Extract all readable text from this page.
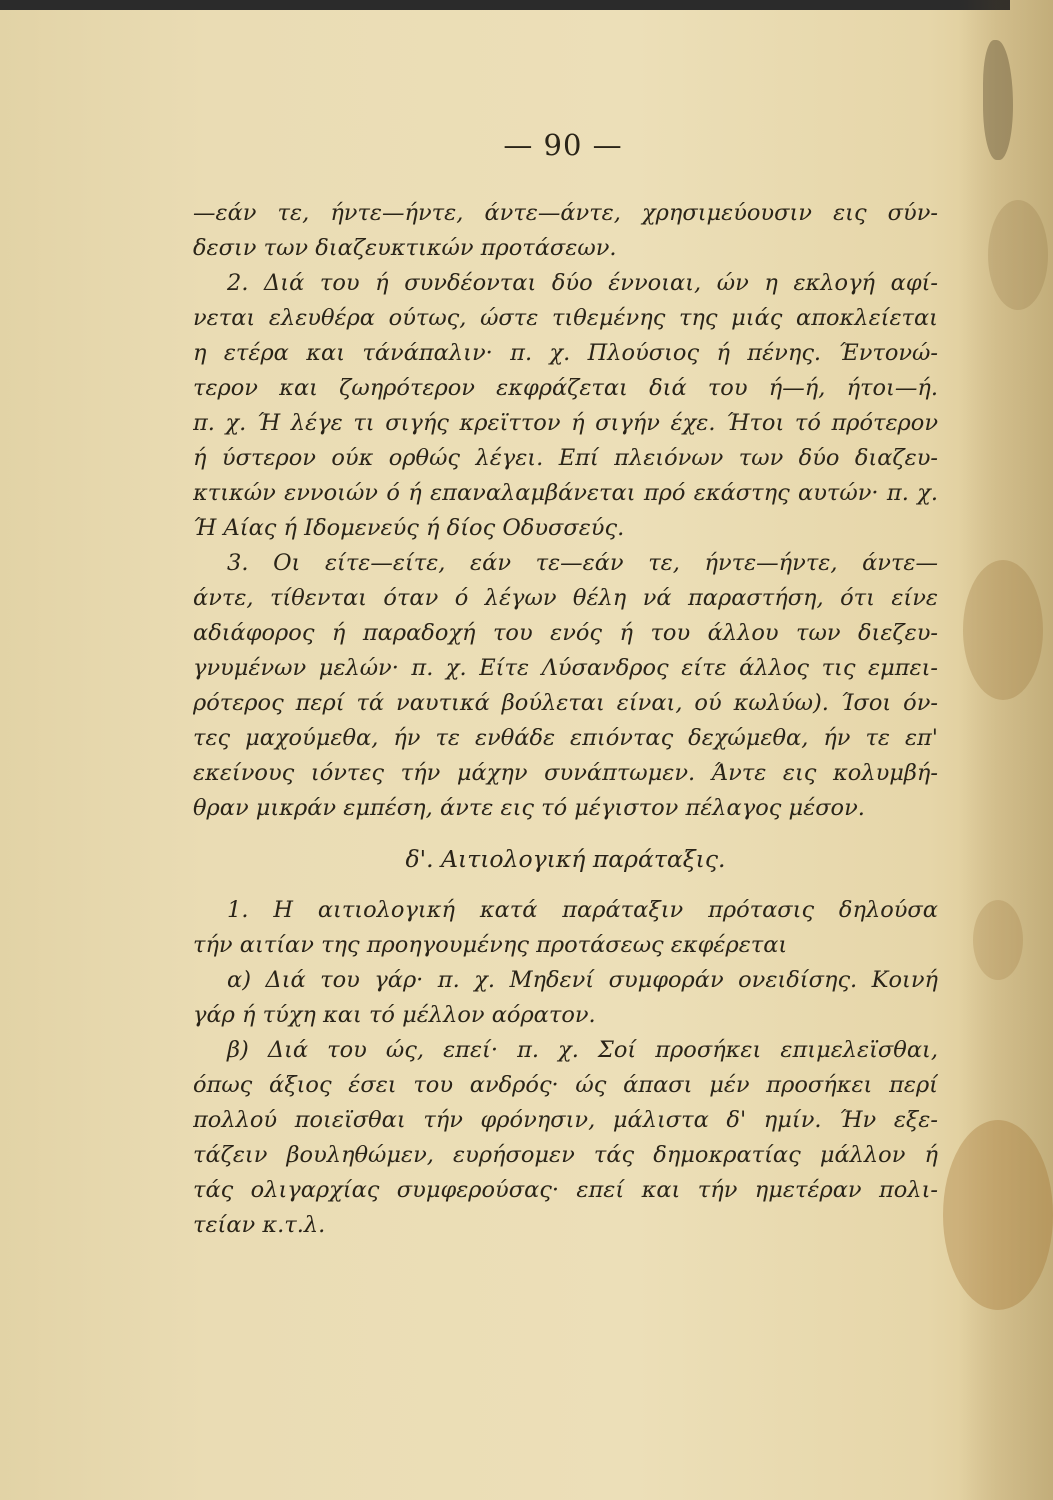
— 90 —
—εάν τε, ήντε—ήντε, άντε—άντε, χρησιμεύουσιν εις σύν-
δεσιν των διαζευκτικών προτάσεων.
2. Διά του ή συνδέονται δύο έννοιαι, ών η εκλογή αφί-
νεται ελευθέρα ούτως, ώστε τιθεμένης της μιάς αποκλείεται
η ετέρα και τάνάπαλιν· π. χ. Πλούσιος ή πένης. Έντονώ-
τερον και ζωηρότερον εκφράζεται διά του ή—ή, ήτοι—ή.
π. χ. Ή λέγε τι σιγής κρεϊττον ή σιγήν έχε. Ήτοι τό πρότερον
ή ύστερον ούκ ορθώς λέγει. Επί πλειόνων των δύο διαζευ-
κτικών εννοιών ό ή επαναλαμβάνεται πρό εκάστης αυτών· π. χ.
Ή Αίας ή Ιδομενεύς ή δίος Οδυσσεύς.
3. Οι είτε—είτε, εάν τε—εάν τε, ήντε—ήντε, άντε—
άντε, τίθενται όταν ό λέγων θέλη νά παραστήση, ότι είνε
αδιάφορος ή παραδοχή του ενός ή του άλλου των διεζευ-
γνυμένων μελών· π. χ. Είτε Λύσανδρος είτε άλλος τις εμπει-
ρότερος περί τά ναυτικά βούλεται είναι, ού κωλύω). Ίσοι όν-
τες μαχούμεθα, ήν τε ενθάδε επιόντας δεχώμεθα, ήν τε επ'
εκείνους ιόντες τήν μάχην συνάπτωμεν. Άντε εις κολυμβή-
θραν μικράν εμπέση, άντε εις τό μέγιστον πέλαγος μέσον.
δ'. Αιτιολογική παράταξις.
1. Η αιτιολογική κατά παράταξιν πρότασις δηλούσα
τήν αιτίαν της προηγουμένης προτάσεως εκφέρεται
α) Διά του γάρ· π. χ. Μηδενί συμφοράν ονειδίσης. Κοινή
γάρ ή τύχη και τό μέλλον αόρατον.
β) Διά του ώς, επεί· π. χ. Σοί προσήκει επιμελεϊσθαι,
όπως άξιος έσει του ανδρός· ώς άπασι μέν προσήκει περί
πολλού ποιεϊσθαι τήν φρόνησιν, μάλιστα δ' ημίν. Ήν εξε-
τάζειν βουληθώμεν, ευρήσομεν τάς δημοκρατίας μάλλον ή
τάς ολιγαρχίας συμφερούσας· επεί και τήν ημετέραν πολι-
τείαν κ.τ.λ.
